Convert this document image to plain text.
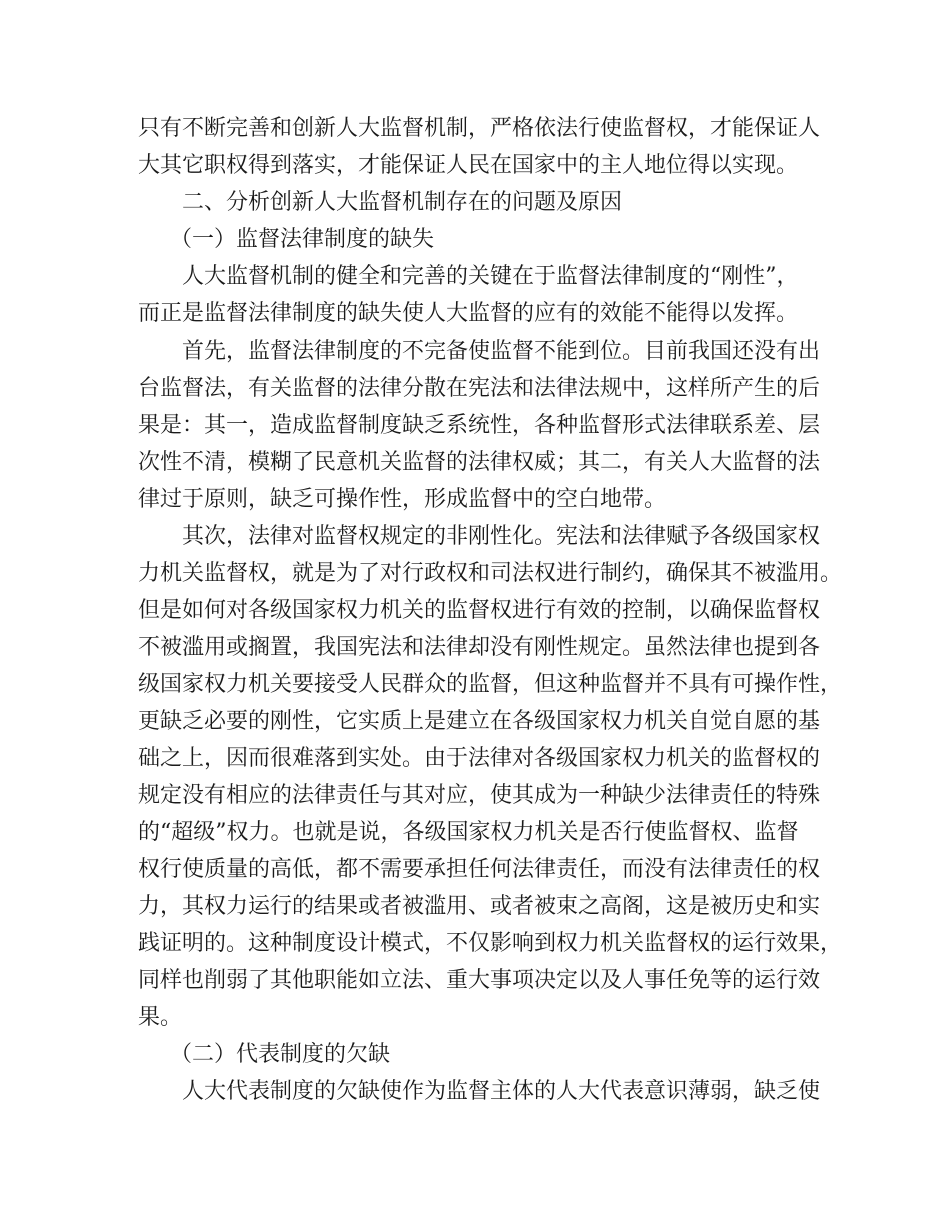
只有不断完善和创新人大监督机制，严格依法行使监督权，才能保证人
大其它职权得到落实，才能保证人民在国家中的主人地位得以实现。
二、分析创新人大监督机制存在的问题及原因
（一）监督法律制度的缺失
人大监督机制的健全和完善的关键在于监督法律制度的“刚性”，
而正是监督法律制度的缺失使人大监督的应有的效能不能得以发挥。
首先，监督法律制度的不完备使监督不能到位。目前我国还没有出
台监督法，有关监督的法律分散在宪法和法律法规中，这样所产生的后
果是：其一，造成监督制度缺乏系统性，各种监督形式法律联系差、层
次性不清，模糊了民意机关监督的法律权威；其二，有关人大监督的法
律过于原则，缺乏可操作性，形成监督中的空白地带。
其次，法律对监督权规定的非刚性化。宪法和法律赋予各级国家权
力机关监督权，就是为了对行政权和司法权进行制约，确保其不被滥用。
但是如何对各级国家权力机关的监督权进行有效的控制，以确保监督权
不被滥用或搁置，我国宪法和法律却没有刚性规定。虽然法律也提到各
级国家权力机关要接受人民群众的监督，但这种监督并不具有可操作性，
更缺乏必要的刚性，它实质上是建立在各级国家权力机关自觉自愿的基
础之上，因而很难落到实处。由于法律对各级国家权力机关的监督权的
规定没有相应的法律责任与其对应，使其成为一种缺少法律责任的特殊
的“超级”权力。也就是说，各级国家权力机关是否行使监督权、监督
权行使质量的高低，都不需要承担任何法律责任，而没有法律责任的权
力，其权力运行的结果或者被滥用、或者被束之高阁，这是被历史和实
践证明的。这种制度设计模式，不仅影响到权力机关监督权的运行效果，
同样也削弱了其他职能如立法、重大事项决定以及人事任免等的运行效
果。
（二）代表制度的欠缺
人大代表制度的欠缺使作为监督主体的人大代表意识薄弱，缺乏使
